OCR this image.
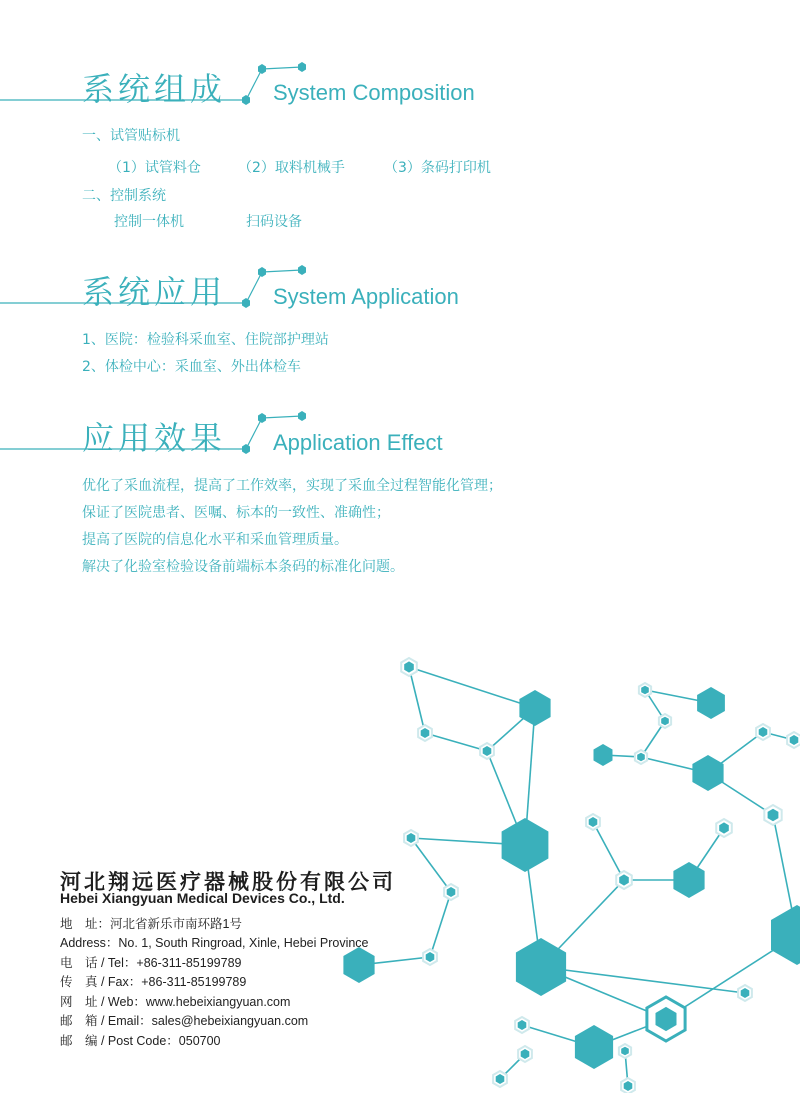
系统组成 System Composition
一、试管贴标机
（1）试管料仓	（2）取料机械手	（3）条码打印机
二、控制系统
控制一体机	扫码设备
系统应用 System Application
1、医院：检验科采血室、住院部护理站
2、体检中心：采血室、外出体检车
应用效果 Application Effect
优化了采血流程，提高了工作效率，实现了采血全过程智能化管理；
保证了医院患者、医嘱、标本的一致性、准确性；
提高了医院的信息化水平和采血管理质量。
解决了化验室检验设备前端标本条码的标准化问题。
河北翔远医疗器械股份有限公司
Hebei Xiangyuan Medical Devices Co., Ltd.
地　址：河北省新乐市南环路1号
Address：No. 1, South Ringroad, Xinle, Hebei Province
电　话 / Tel：+86-311-85199789
传　真 / Fax：+86-311-85199789
网　址 / Web：www.hebeixiangyuan.com
邮　箱 / Email：sales@hebeixiangyuan.com
邮　编 / Post Code：050700
